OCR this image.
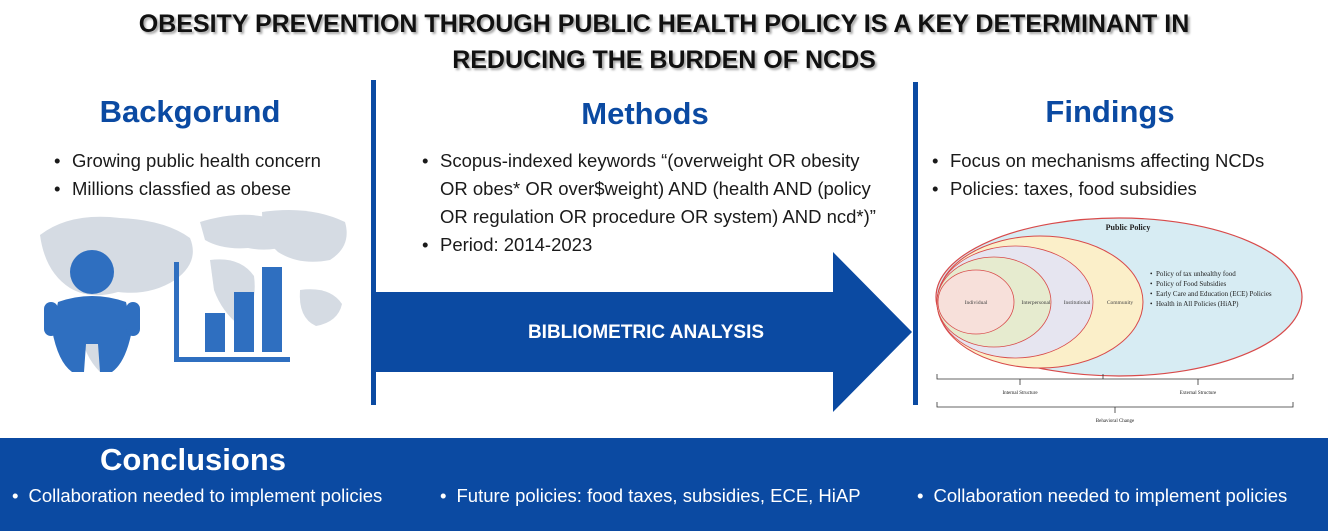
OBESITY PREVENTION THROUGH PUBLIC HEALTH POLICY IS A KEY DETERMINANT IN
REDUCING THE BURDEN OF NCDS
Backgorund
• Growing public health concern
• Millions classfied as obese
Methods
• Scopus-indexed keywords “(overweight OR obesity OR obes* OR over$weight) AND (health AND (policy OR regulation OR procedure OR system) AND ncd*)”
• Period: 2014-2023
BIBLIOMETRIC ANALYSIS
Findings
• Focus on mechanisms affecting NCDs
• Policies: taxes, food subsidies
Public Policy
Individual	Interpersonal Institutional	Community
• Policy of tax unhealthy food
• Policy of Food Subsidies
• Early Care and Education (ECE) Policies
• Health in All Policies (HiAP)
Internal Structure	External Structure
Behavioral Change
Conclusions
• Collaboration needed to implement policies	• Future policies: food taxes, subsidies, ECE, HiAP	• Collaboration needed to implement policies
